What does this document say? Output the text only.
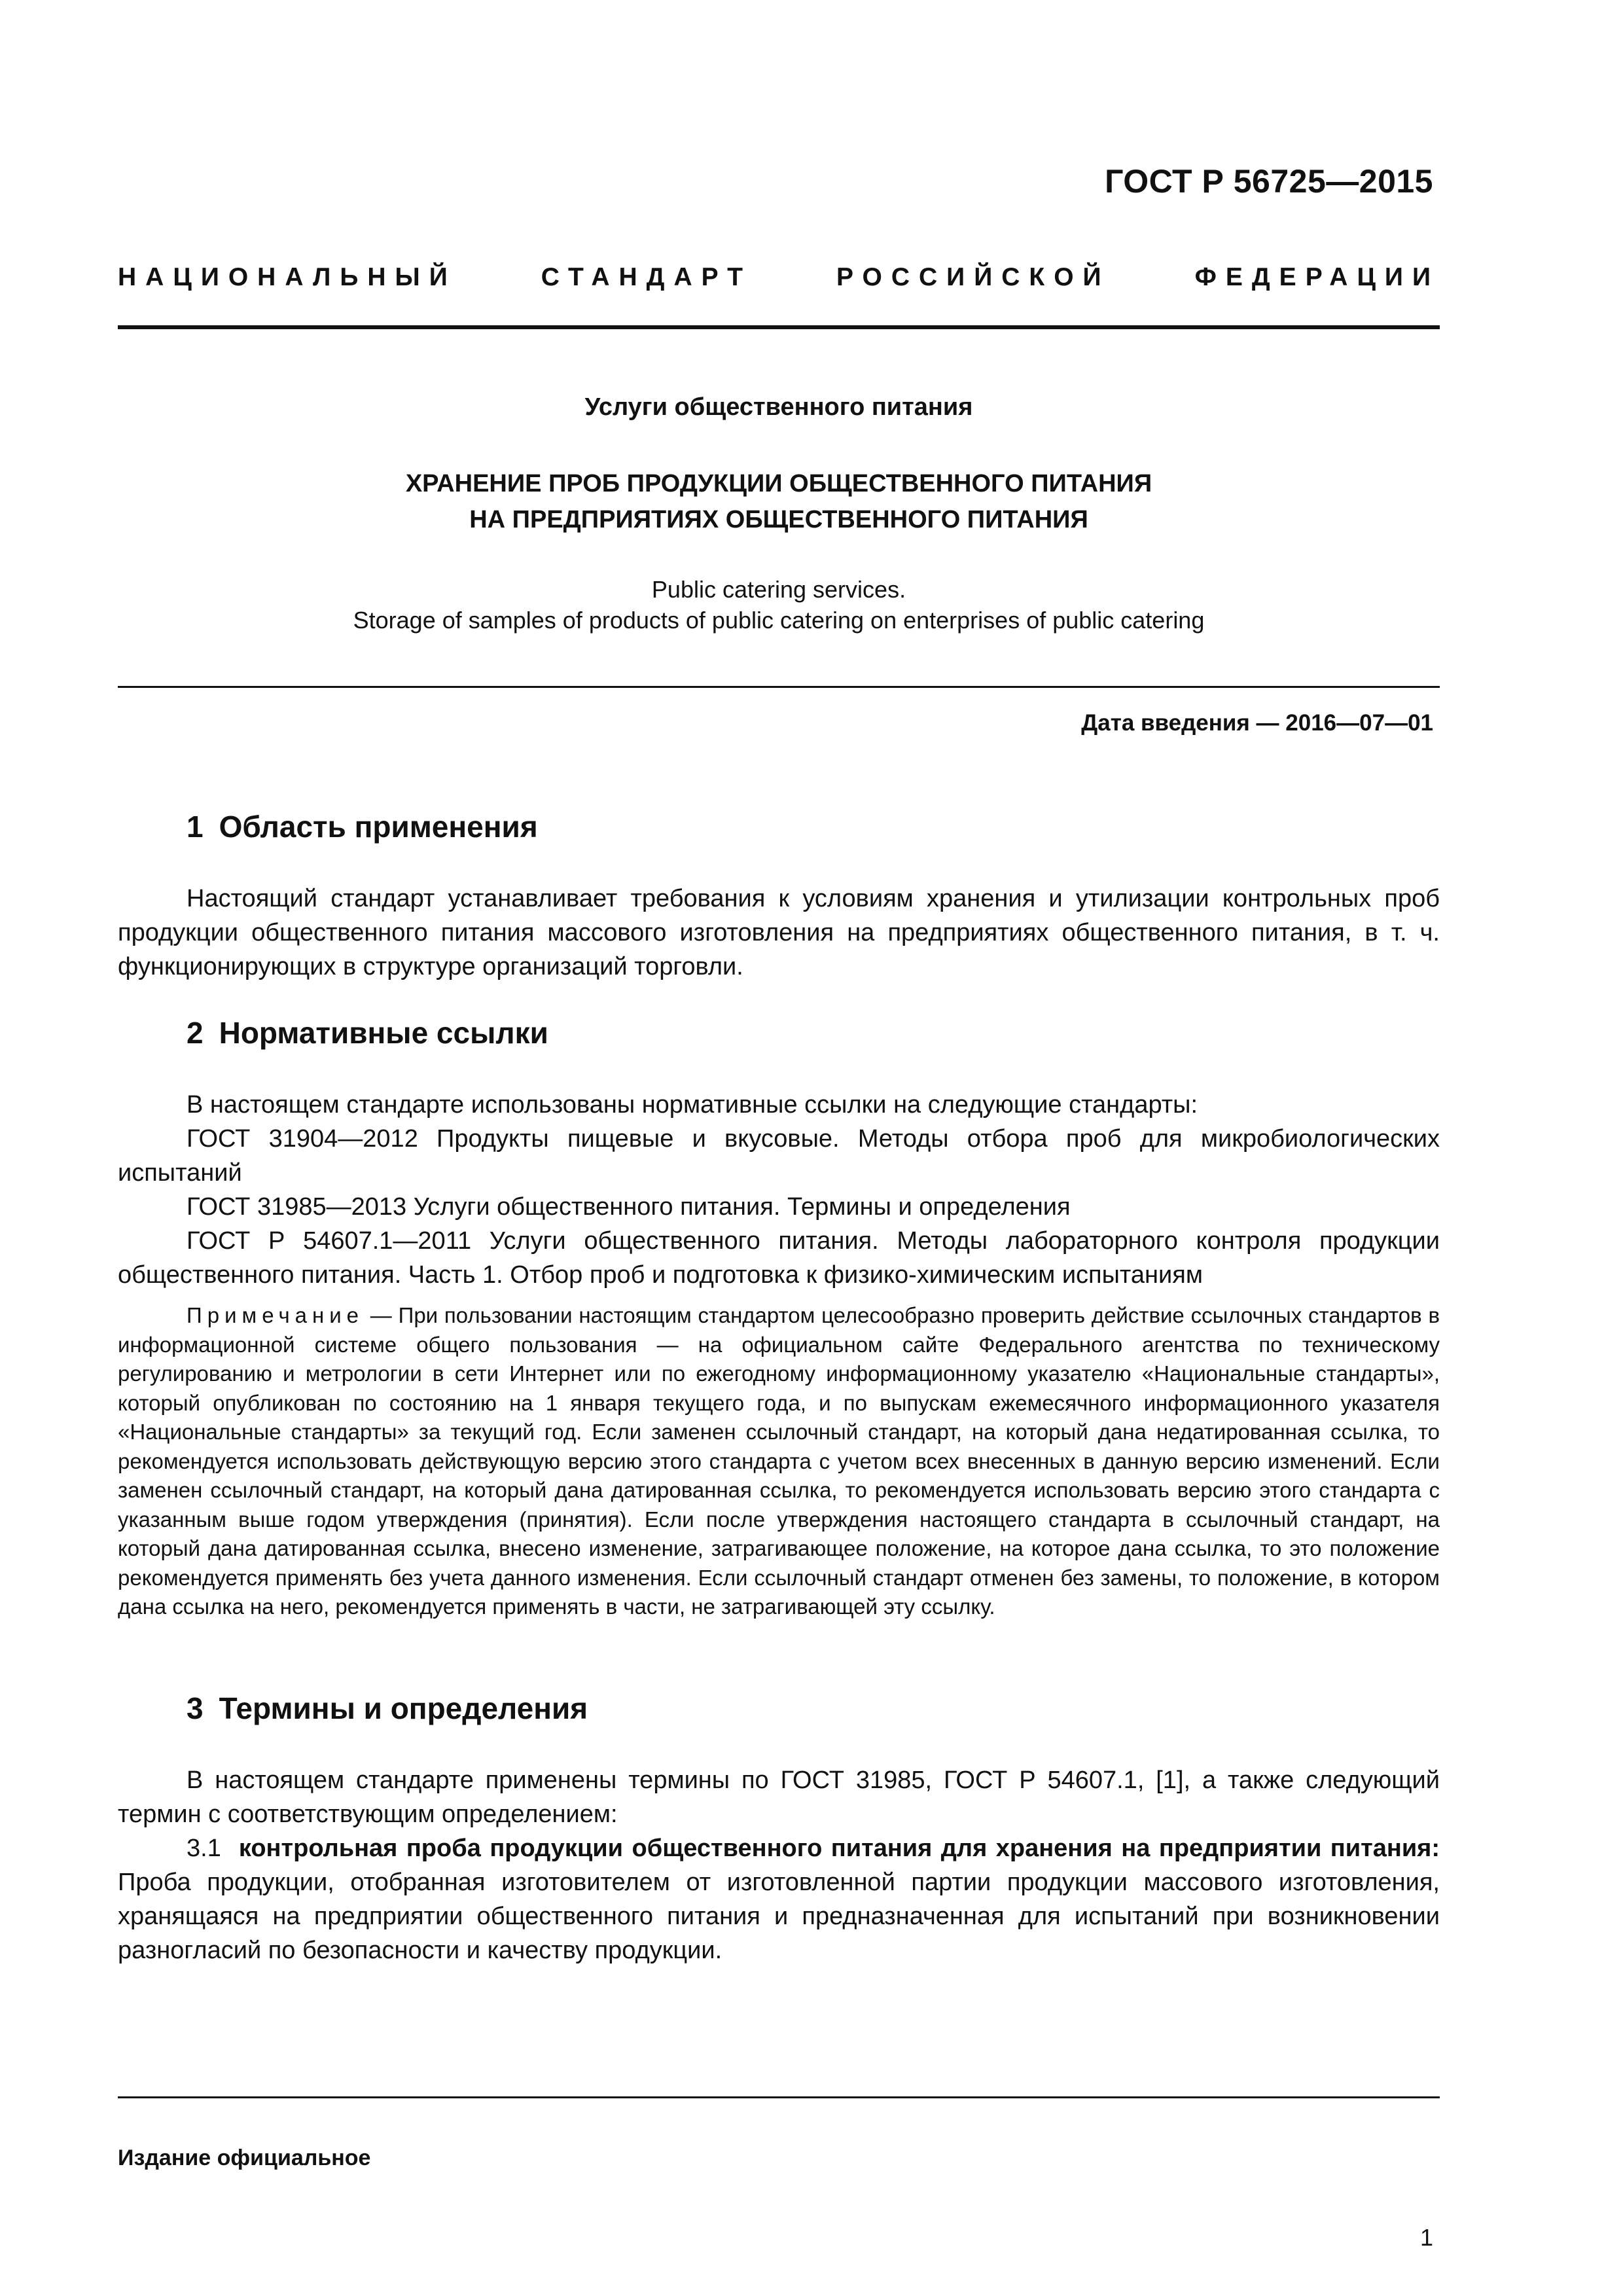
ГОСТ Р 56725—2015
НАЦИОНАЛЬНЫЙ	СТАНДАРТ	РОССИЙСКОЙ	ФЕДЕРАЦИИ
Услуги общественного питания
ХРАНЕНИЕ ПРОБ ПРОДУКЦИИ ОБЩЕСТВЕННОГО ПИТАНИЯ
НА ПРЕДПРИЯТИЯХ ОБЩЕСТВЕННОГО ПИТАНИЯ
Public catering services.
Storage of samples of products of public catering on enterprises of public catering
Дата введения — 2016—07—01
1 Область применения
Настоящий стандарт устанавливает требования к условиям хранения и утилизации контрольных проб продукции общественного питания массового изготовления на предприятиях общественного питания, в т. ч. функционирующих в структуре организаций торговли.
2 Нормативные ссылки
В настоящем стандарте использованы нормативные ссылки на следующие стандарты:
ГОСТ 31904—2012 Продукты пищевые и вкусовые. Методы отбора проб для микробиологических испытаний
ГОСТ 31985—2013 Услуги общественного питания. Термины и определения
ГОСТ Р 54607.1—2011 Услуги общественного питания. Методы лабораторного контроля продукции общественного питания. Часть 1. Отбор проб и подготовка к физико-химическим испытаниям
Примечание — При пользовании настоящим стандартом целесообразно проверить действие ссылочных стандартов в информационной системе общего пользования — на официальном сайте Федерального агентства по техническому регулированию и метрологии в сети Интернет или по ежегодному информационному указателю «Национальные стандарты», который опубликован по состоянию на 1 января текущего года, и по выпускам ежемесячного информационного указателя «Национальные стандарты» за текущий год. Если заменен ссылочный стандарт, на который дана недатированная ссылка, то рекомендуется использовать действующую версию этого стандарта с учетом всех внесенных в данную версию изменений. Если заменен ссылочный стандарт, на который дана датированная ссылка, то рекомендуется использовать версию этого стандарта с указанным выше годом утверждения (принятия). Если после утверждения настоящего стандарта в ссылочный стандарт, на который дана датированная ссылка, внесено изменение, затрагивающее положение, на которое дана ссылка, то это положение рекомендуется применять без учета данного изменения. Если ссылочный стандарт отменен без замены, то положение, в котором дана ссылка на него, рекомендуется применять в части, не затрагивающей эту ссылку.
3 Термины и определения
В настоящем стандарте применены термины по ГОСТ 31985, ГОСТ Р 54607.1, [1], а также следующий термин с соответствующим определением:
3.1 контрольная проба продукции общественного питания для хранения на предприятии питания: Проба продукции, отобранная изготовителем от изготовленной партии продукции массового изготовления, хранящаяся на предприятии общественного питания и предназначенная для испытаний при возникновении разногласий по безопасности и качеству продукции.
Издание официальное
1
